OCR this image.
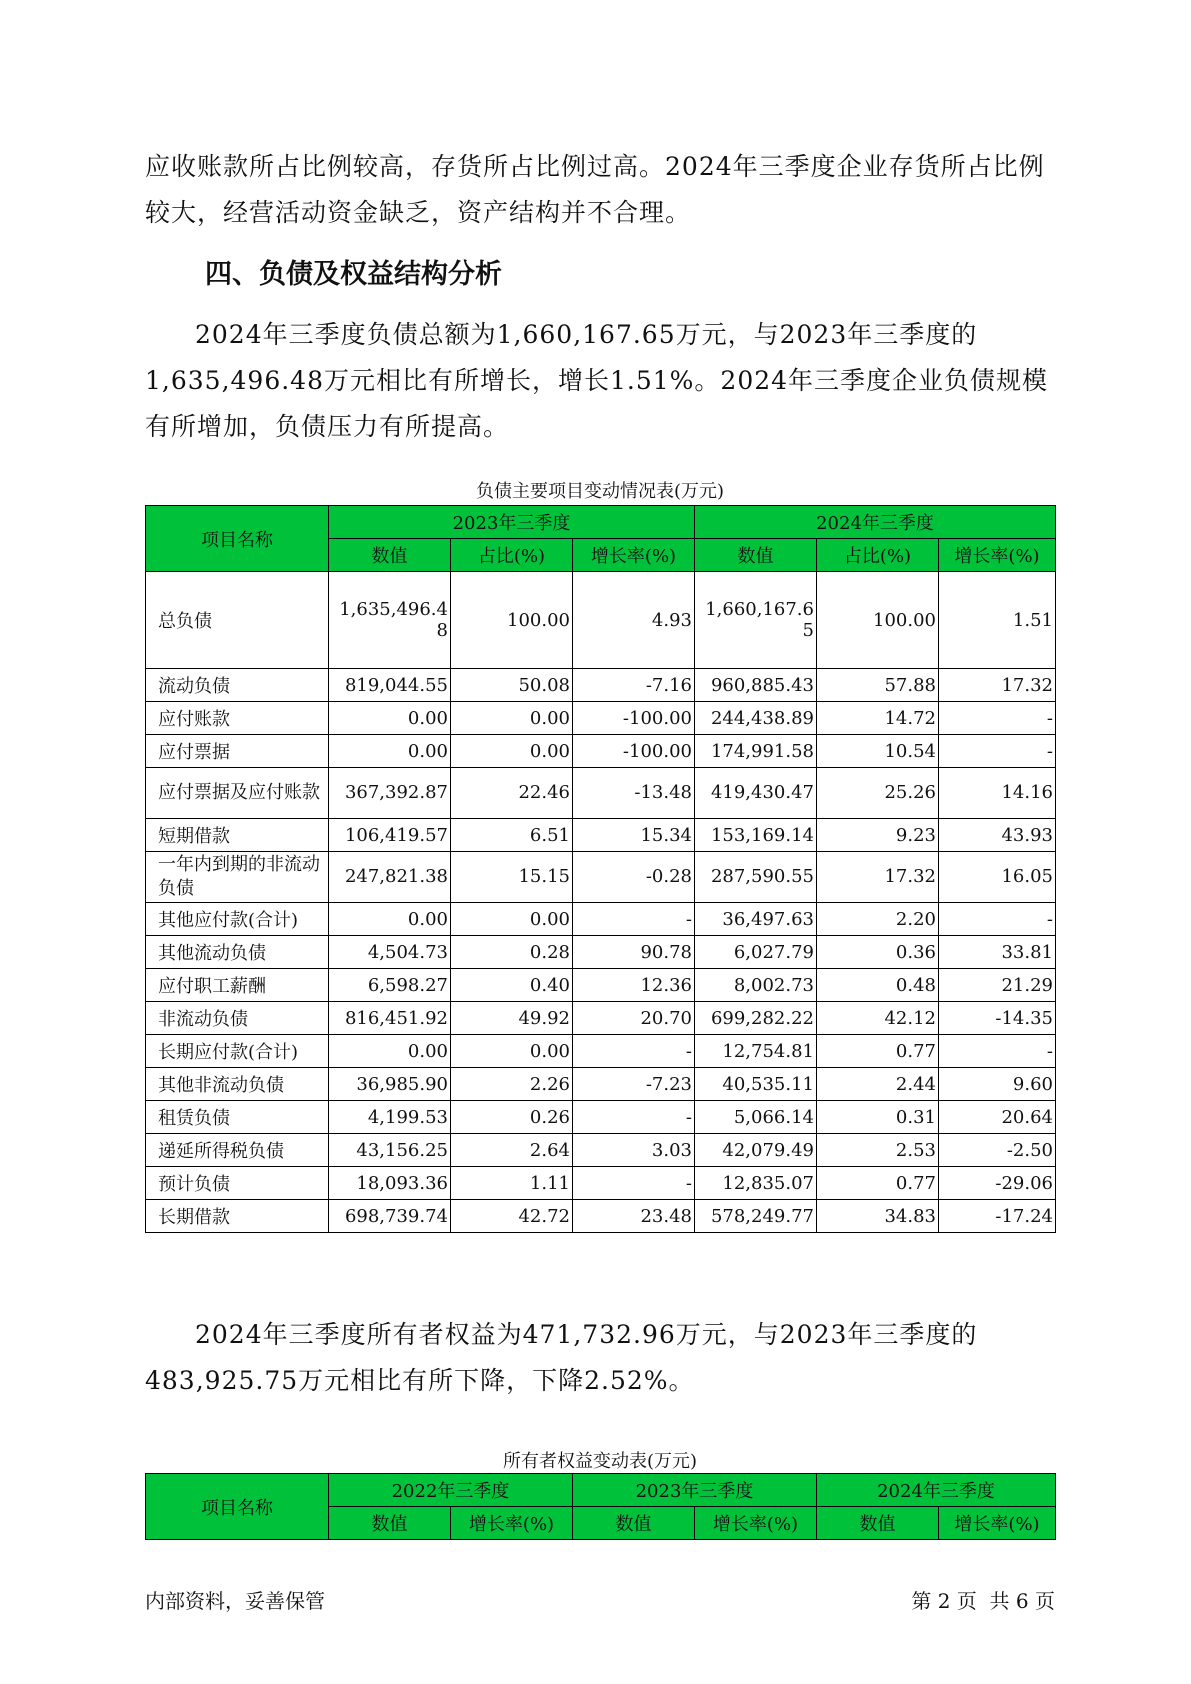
应收账款所占比例较高，存货所占比例过高。2024年三季度企业存货所占比例较大，经营活动资金缺乏，资产结构并不合理。

四、负债及权益结构分析

2024年三季度负债总额为1,660,167.65万元，与2023年三季度的1,635,496.48万元相比有所增长，增长1.51%。2024年三季度企业负债规模有所增加，负债压力有所提高。

负债主要项目变动情况表(万元)

项目名称	2023年三季度			2024年三季度		
	数值	占比(%)	增长率(%)	数值	占比(%)	增长率(%)
总负债	1,635,496.48	100.00	4.93	1,660,167.65	100.00	1.51
流动负债	819,044.55	50.08	-7.16	960,885.43	57.88	17.32
应付账款	0.00	0.00	-100.00	244,438.89	14.72	-
应付票据	0.00	0.00	-100.00	174,991.58	10.54	-
应付票据及应付账款	367,392.87	22.46	-13.48	419,430.47	25.26	14.16
短期借款	106,419.57	6.51	15.34	153,169.14	9.23	43.93
一年内到期的非流动负债	247,821.38	15.15	-0.28	287,590.55	17.32	16.05
其他应付款(合计)	0.00	0.00	-	36,497.63	2.20	-
其他流动负债	4,504.73	0.28	90.78	6,027.79	0.36	33.81
应付职工薪酬	6,598.27	0.40	12.36	8,002.73	0.48	21.29
非流动负债	816,451.92	49.92	20.70	699,282.22	42.12	-14.35
长期应付款(合计)	0.00	0.00	-	12,754.81	0.77	-
其他非流动负债	36,985.90	2.26	-7.23	40,535.11	2.44	9.60
租赁负债	4,199.53	0.26	-	5,066.14	0.31	20.64
递延所得税负债	43,156.25	2.64	3.03	42,079.49	2.53	-2.50
预计负债	18,093.36	1.11	-	12,835.07	0.77	-29.06
长期借款	698,739.74	42.72	23.48	578,249.77	34.83	-17.24

2024年三季度所有者权益为471,732.96万元，与2023年三季度的483,925.75万元相比有所下降，下降2.52%。

所有者权益变动表(万元)

项目名称	2022年三季度		2023年三季度		2024年三季度	
	数值	增长率(%)	数值	增长率(%)	数值	增长率(%)

内部资料，妥善保管	第 2 页  共 6 页
